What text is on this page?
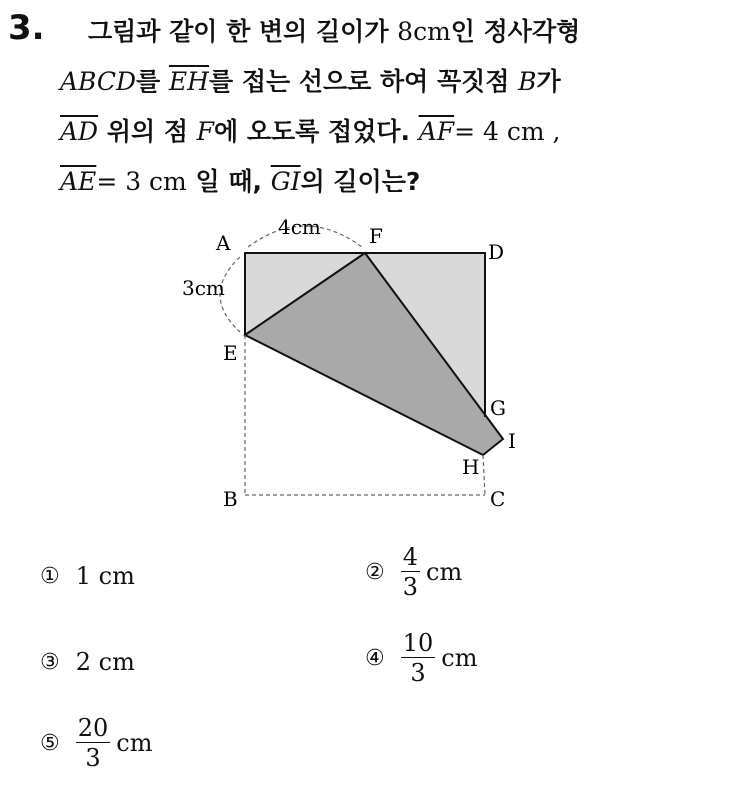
3. 그림과 같이 한 변의 길이가 8cm인 정사각형
ABCD를 $\overline{EH}$를 접는 선으로 하여 꼭짓점 B가
$\overline{AD}$ 위의 점 F에 오도록 접었다. $\overline{AF}= 4$ cm ,
$\overline{AE}= 3$ cm 일 때, $\overline{GI}$의 길이는?
A	F
D
E
G
I
H
B	C
4cm
3cm
① 1
cm	② $\frac{4}{3}$ cm
③ 2
cm	④ $\frac{10}{3}$ cm
⑤ $\frac{20}{3}$ cm
